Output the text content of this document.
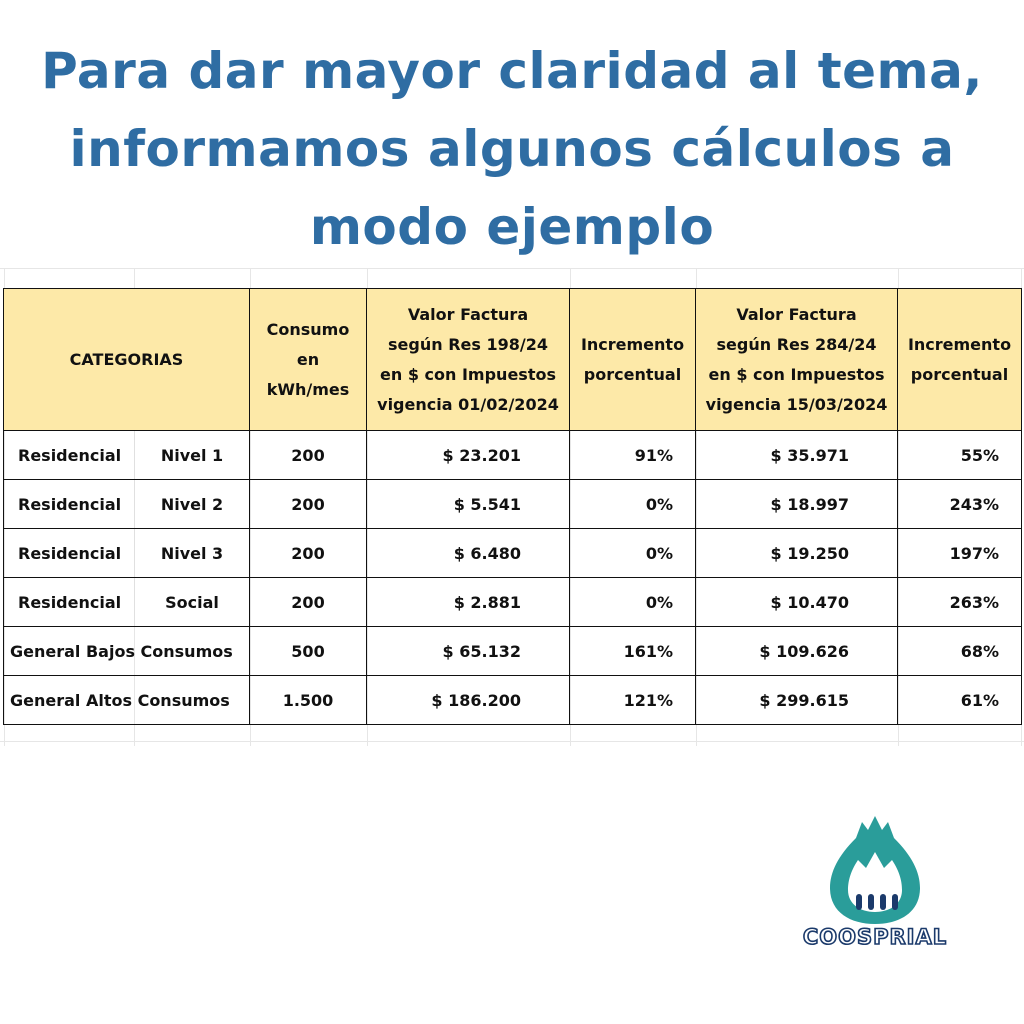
Para dar mayor claridad al tema,
informamos algunos cálculos a
modo ejemplo
CATEGORIAS		Consumo
en
kWh/mes	Valor Factura
según Res 198/24
en $ con Impuestos
vigencia 01/02/2024	Incremento
porcentual	Valor Factura
según Res 284/24
en $ con Impuestos
vigencia 15/03/2024	Incremento
porcentual
Residencial	Nivel 1	200	$ 23.201	91%	$ 35.971	55%
Residencial	Nivel 2	200	$ 5.541	0%	$ 18.997	243%
Residencial	Nivel 3	200	$ 6.480	0%	$ 19.250	197%
Residencial	Social	200	$ 2.881	0%	$ 10.470	263%
General Bajos Consumos		500	$ 65.132	161%	$ 109.626	68%
General Altos Consumos		1.500	$ 186.200	121%	$ 299.615	61%
COOSPRIAL
